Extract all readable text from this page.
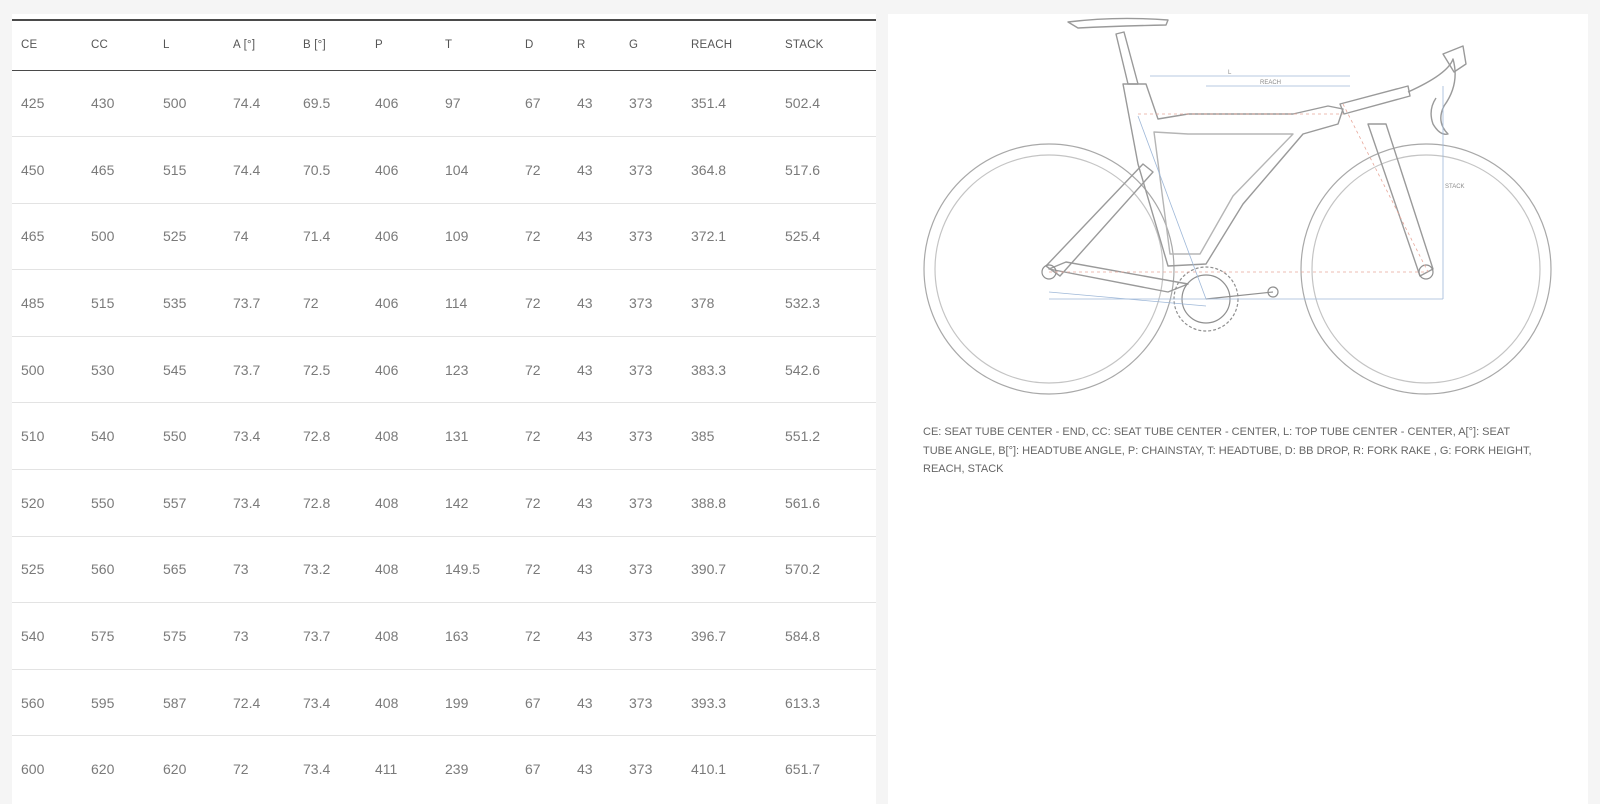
CE	CC	L	A [°]	B [°]	P	T	D	R	G	REACH	STACK
425	430	500	74.4	69.5	406	97	67	43	373	351.4	502.4
450	465	515	74.4	70.5	406	104	72	43	373	364.8	517.6
465	500	525	74	71.4	406	109	72	43	373	372.1	525.4
485	515	535	73.7	72	406	114	72	43	373	378	532.3
500	530	545	73.7	72.5	406	123	72	43	373	383.3	542.6
510	540	550	73.4	72.8	408	131	72	43	373	385	551.2
520	550	557	73.4	72.8	408	142	72	43	373	388.8	561.6
525	560	565	73	73.2	408	149.5	72	43	373	390.7	570.2
540	575	575	73	73.7	408	163	72	43	373	396.7	584.8
560	595	587	72.4	73.4	408	199	67	43	373	393.3	613.3
600	620	620	72	73.4	411	239	67	43	373	410.1	651.7
L
REACH
STACK
CE: SEAT TUBE CENTER - END, CC: SEAT TUBE CENTER - CENTER, L: TOP TUBE CENTER - CENTER, A[°]: SEAT TUBE ANGLE, B[°]: HEADTUBE ANGLE, P: CHAINSTAY, T: HEADTUBE, D: BB DROP, R: FORK RAKE , G: FORK HEIGHT, REACH, STACK
